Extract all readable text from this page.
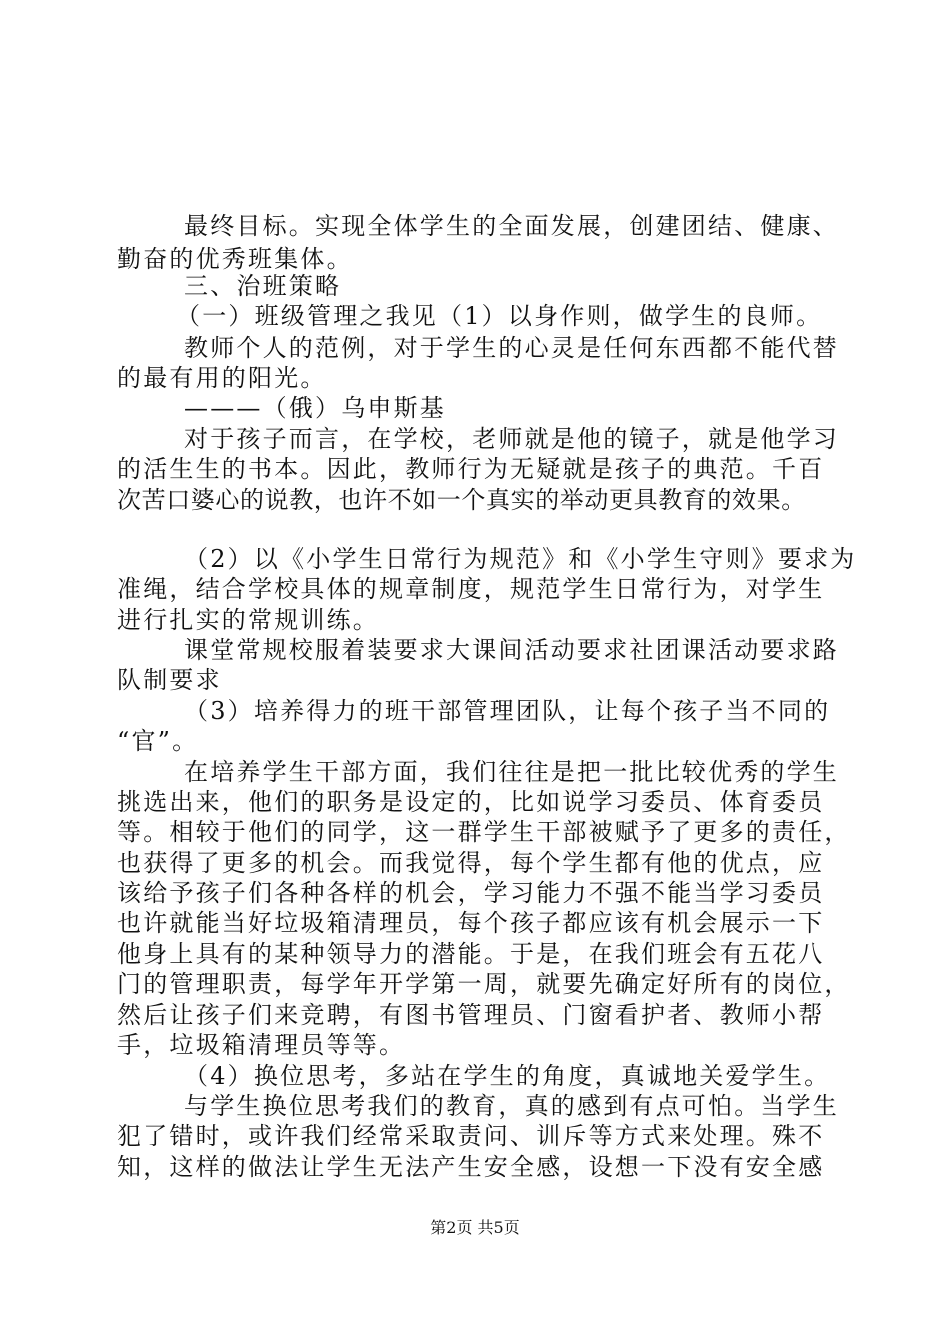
最终目标。实现全体学生的全面发展，创建团结、健康、
勤奋的优秀班集体。
三、治班策略
（一）班级管理之我见（1）以身作则，做学生的良师。
教师个人的范例，对于学生的心灵是任何东西都不能代替
的最有用的阳光。
———（俄）乌申斯基
对于孩子而言，在学校，老师就是他的镜子，就是他学习
的活生生的书本。因此，教师行为无疑就是孩子的典范。千百
次苦口婆心的说教，也许不如一个真实的举动更具教育的效果。
（2）以《小学生日常行为规范》和《小学生守则》要求为
准绳，结合学校具体的规章制度，规范学生日常行为，对学生
进行扎实的常规训练。
课堂常规校服着装要求大课间活动要求社团课活动要求路
队制要求
（3）培养得力的班干部管理团队，让每个孩子当不同的
“官”。
在培养学生干部方面，我们往往是把一批比较优秀的学生
挑选出来，他们的职务是设定的，比如说学习委员、体育委员
等。相较于他们的同学，这一群学生干部被赋予了更多的责任，
也获得了更多的机会。而我觉得，每个学生都有他的优点，应
该给予孩子们各种各样的机会，学习能力不强不能当学习委员
也许就能当好垃圾箱清理员，每个孩子都应该有机会展示一下
他身上具有的某种领导力的潜能。于是，在我们班会有五花八
门的管理职责，每学年开学第一周，就要先确定好所有的岗位，
然后让孩子们来竞聘，有图书管理员、门窗看护者、教师小帮
手，垃圾箱清理员等等。
（4）换位思考，多站在学生的角度，真诚地关爱学生。
与学生换位思考我们的教育，真的感到有点可怕。当学生
犯了错时，或许我们经常采取责问、训斥等方式来处理。殊不
知，这样的做法让学生无法产生安全感，设想一下没有安全感
第2页 共5页
